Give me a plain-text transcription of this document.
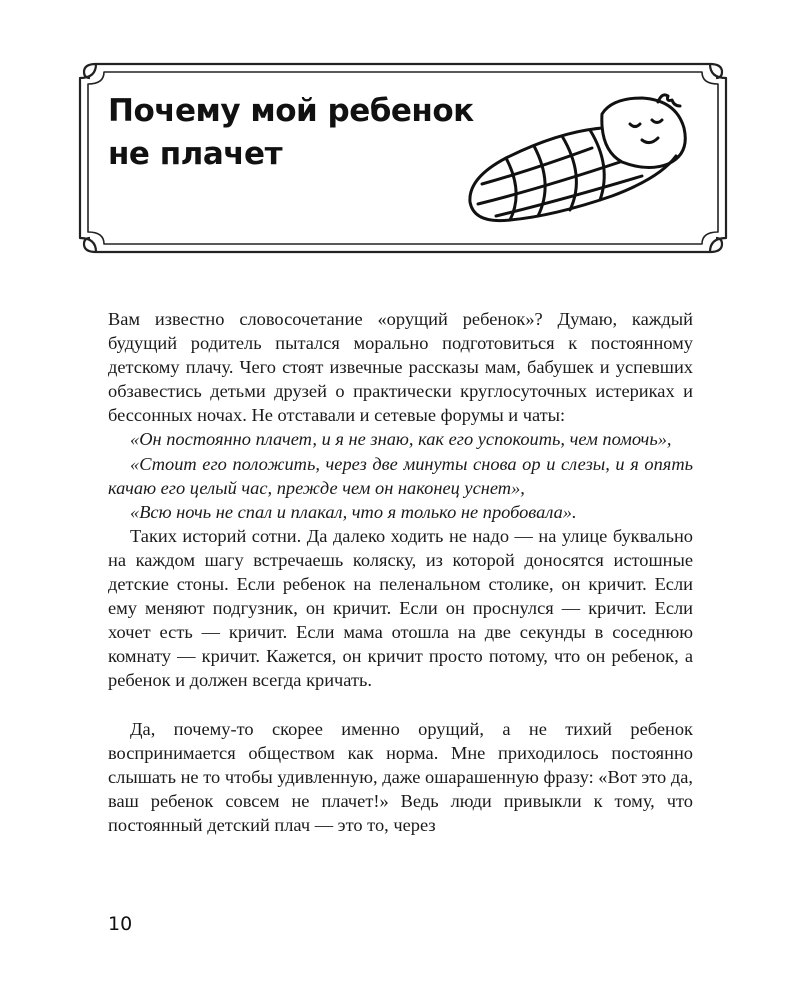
Почему мой ребенок
не плачет

Вам известно словосочетание «орущий ребенок»? Думаю, каждый будущий родитель пытался морально подготовиться к постоянному детскому плачу. Чего стоят извечные рассказы мам, бабушек и успевших обзавестись детьми друзей о практически круглосуточных истериках и бессонных ночах. Не отставали и сетевые форумы и чаты:

«Он постоянно плачет, и я не знаю, как его успокоить, чем помочь»,

«Стоит его положить, через две минуты снова ор и слезы, и я опять качаю его целый час, прежде чем он наконец уснет»,

«Всю ночь не спал и плакал, что я только не пробовала».

Таких историй сотни. Да далеко ходить не надо — на улице буквально на каждом шагу встречаешь коляску, из которой доносятся истошные детские стоны. Если ребенок на пеленальном столике, он кричит. Если ему меняют подгузник, он кричит. Если он проснулся — кричит. Если хочет есть — кричит. Если мама отошла на две секунды в соседнюю комнату — кричит. Кажется, он кричит просто потому, что он ребенок, а ребенок и должен всегда кричать.

Да, почему-то скорее именно орущий, а не тихий ребенок воспринимается обществом как норма. Мне приходилось постоянно слышать не то чтобы удивленную, даже ошарашенную фразу: «Вот это да, ваш ребенок совсем не плачет!» Ведь люди привыкли к тому, что постоянный детский плач — это то, через

10
